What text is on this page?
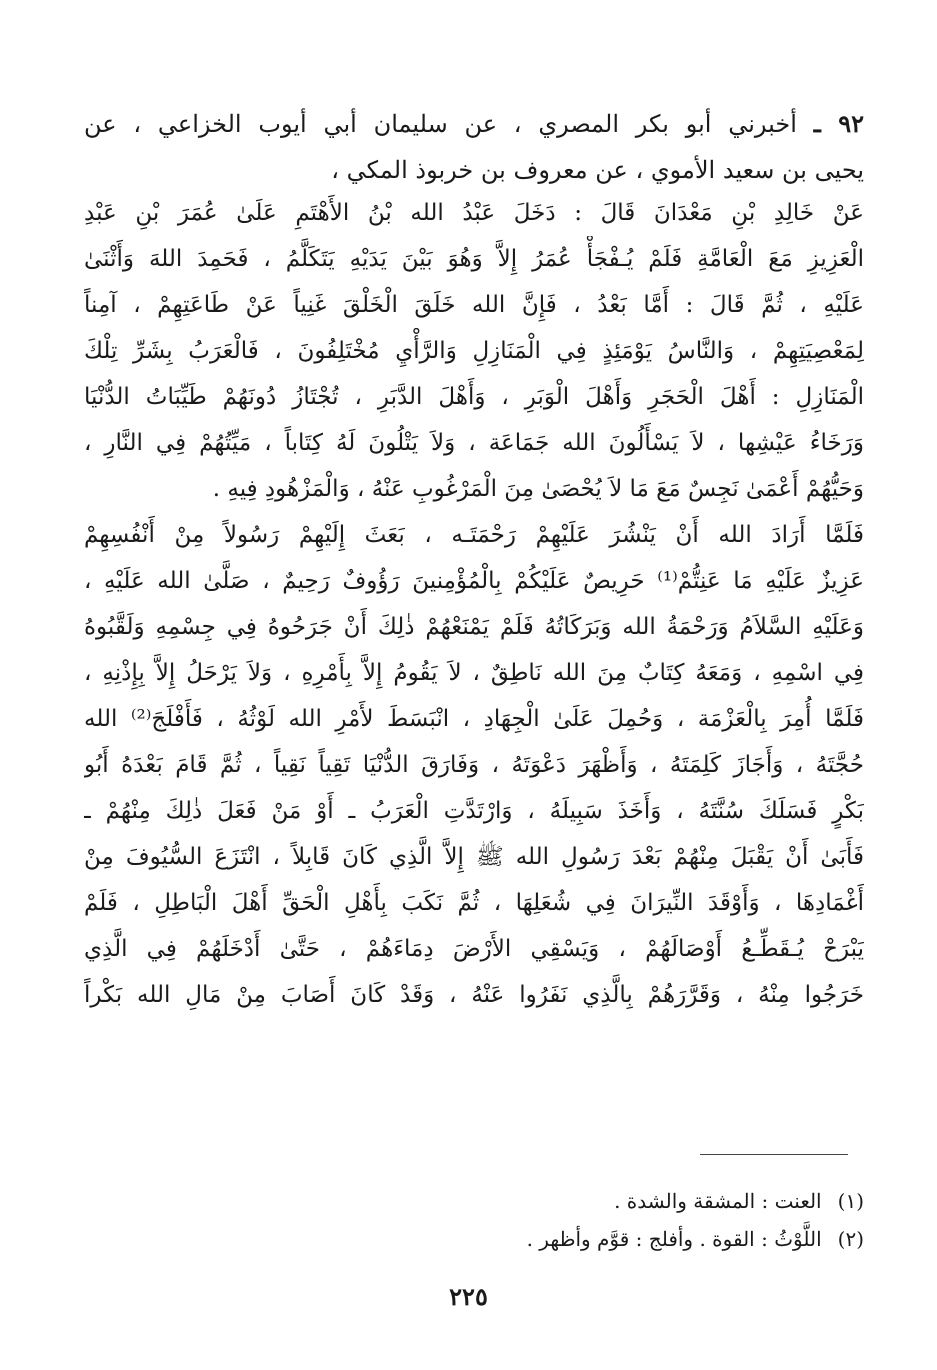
٩٢ ـ أخبرني أبو بكر المصري ، عن سليمان أبي أيوب الخزاعي ، عن
يحيى بن سعيد الأموي ، عن معروف بن خربوذ المكي ،
عَنْ خَالِدِ بْنِ مَعْدَانَ قَالَ : دَخَلَ عَبْدُ الله بْنُ الأَهْتَمِ عَلَىٰ عُمَرَ بْنِ عَبْدِ
الْعَزِيزِ مَعَ الْعَامَّةِ فَلَمْ يُـفْجَأْ عُمَرُ إِلاَّ وَهُوَ بَيْنَ يَدَيْهِ يَتَكَلَّمُ ، فَحَمِدَ اللهَ وَأَثْنَىٰ
عَلَيْهِ ، ثُمَّ قَالَ : أَمَّا بَعْدُ ، فَإِنَّ الله خَلَقَ الْخَلْقَ غَنِياً عَنْ طَاعَتِهِمْ ، آمِناً
لِمَعْصِيَتِهِمْ ، وَالنَّاسُ يَوْمَئِذٍ فِي الْمَنَازِلِ وَالرَّأْيِ مُخْتَلِفُونَ ، فَالْعَرَبُ بِشَرِّ تِلْكَ
الْمَنَازِلِ : أَهْلَ الْحَجَرِ وَأَهْلَ الْوَبَرِ ، وَأَهْلَ الدَّبَرِ ، تُجْتَازُ دُونَهُمْ طَيِّبَاتُ الدُّنْيَا
وَرَخَاءُ عَيْشِها ، لاَ يَسْأَلُونَ الله جَمَاعَة ، وَلاَ يَتْلُونَ لَهُ كِتَاباً ، مَيِّتُهُمْ فِي النَّارِ ،
وَحَيُّهُمْ أَعْمَىٰ نَجِسٌ مَعَ مَا لاَ يُحْصَىٰ مِنَ الْمَرْغُوبِ عَنْهُ ، وَالْمَزْهُودِ فِيهِ .
فَلَمَّا أَرَادَ الله أَنْ يَنْشُرَ عَلَيْهِمْ رَحْمَتَـه ، بَعَثَ إِلَيْهِمْ رَسُولاً مِنْ أَنْفُسِهِمْ
عَزِيزٌ عَلَيْهِ مَا عَنِتُّمْ⁽¹⁾ حَرِيصٌ عَلَيْكُمْ بِالْمُؤْمِنينَ رَؤُوفٌ رَحِيمٌ ، صَلَّىٰ الله عَلَيْهِ ،
وَعَلَيْهِ السَّلاَمُ وَرَحْمَةُ الله وَبَرَكَاتُهُ فَلَمْ يَمْنَعْهُمْ ذٰلِكَ أَنْ جَرَحُوهُ فِي جِسْمِهِ وَلَقَّبُوهُ
فِي اسْمِهِ ، وَمَعَهُ كِتَابٌ مِنَ الله نَاطِقٌ ، لاَ يَقُومُ إِلاَّ بِأَمْرِهِ ، وَلاَ يَرْحَلُ إِلاَّ بِإِذْنِهِ ،
فَلَمَّا أُمِرَ بِالْعَزْمَة ، وَحُمِلَ عَلَىٰ الْجِهَادِ ، انْبَسَطَ لأَمْرِ الله لَوْثُهُ ، فَأَفْلَجَ⁽²⁾ الله
حُجَّتَهُ ، وَأَجَازَ كَلِمَتَهُ ، وَأَظْهَرَ دَعْوَتَهُ ، وَفَارَقَ الدُّنْيَا تَقِياً نَقِياً ، ثُمَّ قَامَ بَعْدَهُ أَبُو
بَكْرٍ فَسَلَكَ سُنَّتَهُ ، وَأَخَذَ سَبِيلَهُ ، وَارْتَدَّتِ الْعَرَبُ ـ أَوْ مَنْ فَعَلَ ذٰلِكَ مِنْهُمْ ـ
فَأَبَىٰ أَنْ يَقْبَلَ مِنْهُمْ بَعْدَ رَسُولِ الله ﷺ إِلاَّ الَّذِي كَانَ قَابِلاً ، انْتَزَعَ السُّيُوفَ مِنْ
أَغْمَادِهَا ، وَأَوْقَدَ النِّيرَانَ فِي شُعَلِهَا ، ثُمَّ نَكَبَ بِأَهْلِ الْحَقِّ أَهْلَ الْبَاطِلِ ، فَلَمْ
يَبْرَحْ يُـقَطِّـعُ أَوْصَالَهُمْ ، وَيَسْقِي الأَرْضَ دِمَاءَهُمْ ، حَتَّىٰ أَدْخَلَهُمْ فِي الَّذِي
خَرَجُوا مِنْهُ ، وَقَرَّرَهُمْ بِالَّذِي نَفَرُوا عَنْهُ ، وَقَدْ كَانَ أَصَابَ مِنْ مَالِ الله بَكْراً
(١)العنت : المشقة والشدة .
(٢)اللَّوْثُ : القوة . وأفلج : قوَّم وأظهر .
٢٢٥
